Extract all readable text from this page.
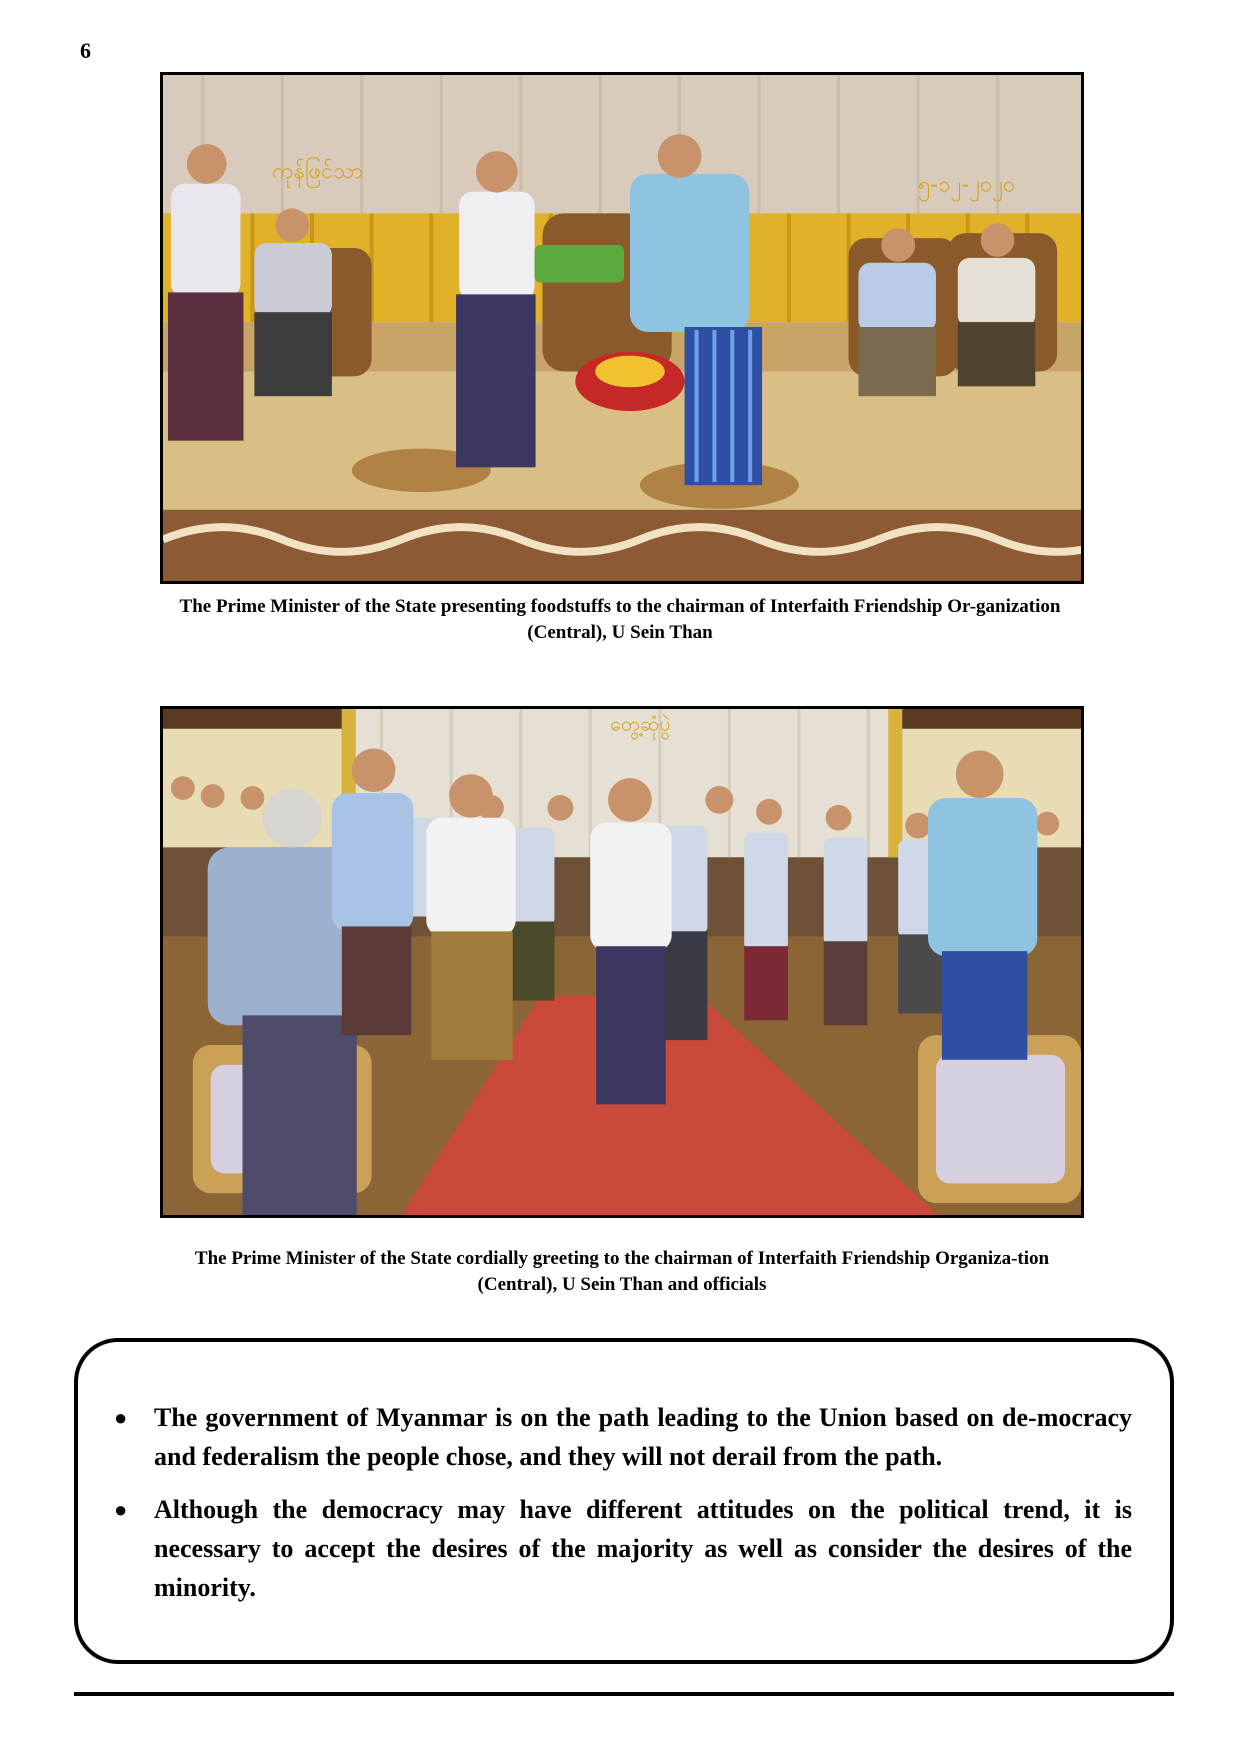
6
ကုန်ဖြင်သာ
၅-၁၂-၂၀၂၀
The Prime Minister of the State presenting foodstuffs to the chairman of Interfaith Friendship Or-ganization (Central), U Sein Than
တွေ့ဆုံပွဲ
The Prime Minister of the State cordially greeting to the chairman of Interfaith Friendship Organiza-tion (Central), U Sein Than and officials
● The government of Myanmar is on the path leading to the Union based on de-mocracy and federalism the people chose, and they will not derail from the path.
● Although the democracy may have different attitudes on the political trend, it is necessary to accept the desires of the majority as well as consider the desires of the minority.
